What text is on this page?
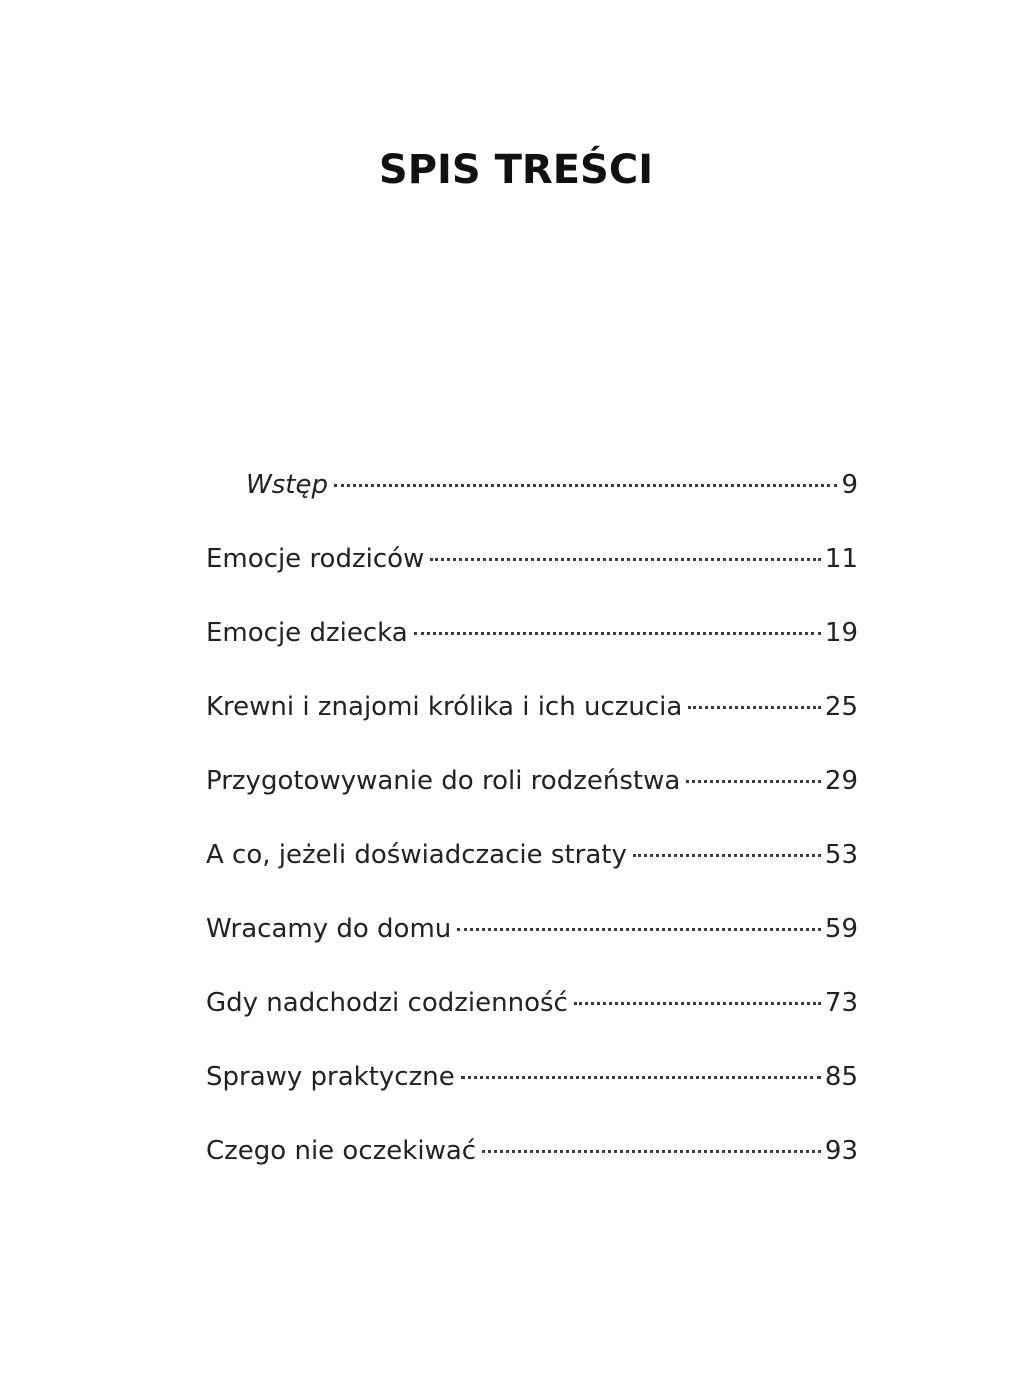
SPIS TREŚCI
Wstęp	9
Emocje rodziców	11
Emocje dziecka	19
Krewni i znajomi królika i ich uczucia	25
Przygotowywanie do roli rodzeństwa	29
A co, jeżeli doświadczacie straty	53
Wracamy do domu	59
Gdy nadchodzi codzienność	73
Sprawy praktyczne	85
Czego nie oczekiwać	93
